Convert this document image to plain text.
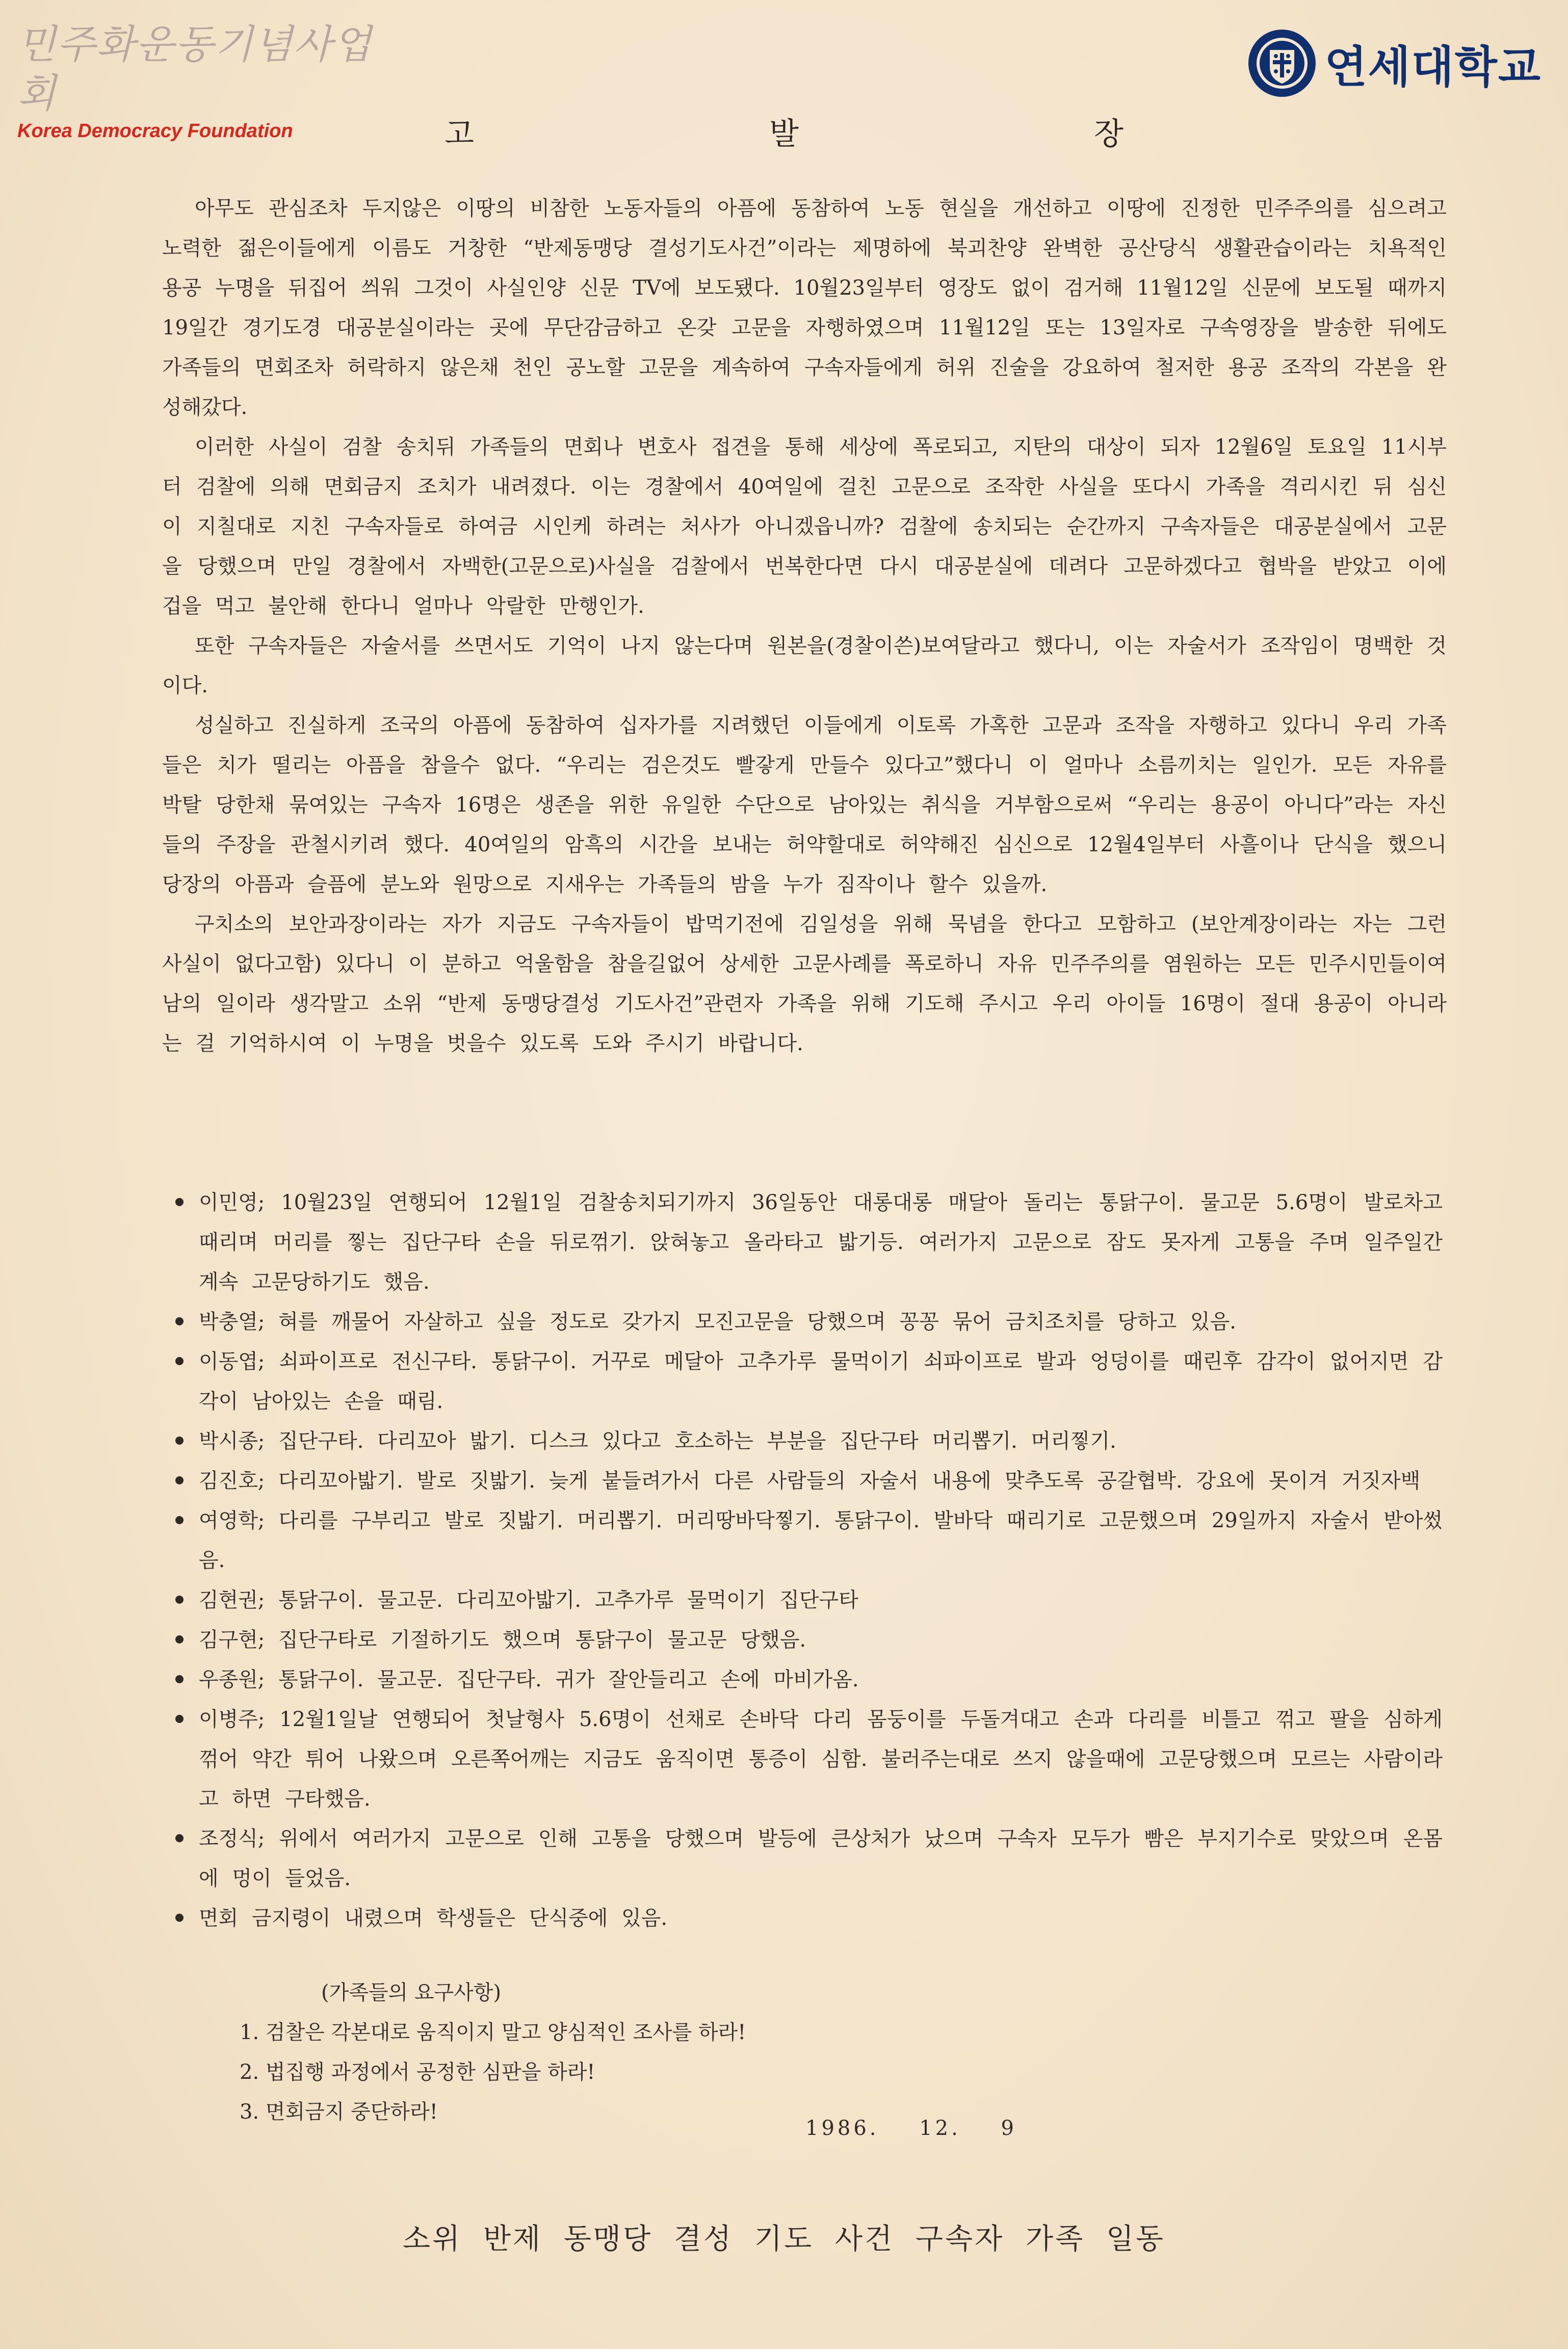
민주화운동기념사업회
Korea Democracy Foundation
연세대학교
고 발 장

아무도 관심조차 두지않은 이땅의 비참한 노동자들의 아픔에 동참하여 노동 현실을 개선하고 이땅에 진정한 민주주의를 심으려고 노력한 젊은이들에게 이름도 거창한 “반제동맹당 결성기도사건”이라는 제명하에 북괴찬양 완벽한 공산당식 생활관습이라는 치욕적인 용공 누명을 뒤집어 씌워 그것이 사실인양 신문 TV에 보도됐다. 10월23일부터 영장도 없이 검거해 11월12일 신문에 보도될 때까지 19일간 경기도경 대공분실이라는 곳에 무단감금하고 온갖 고문을 자행하였으며 11월12일 또는 13일자로 구속영장을 발송한 뒤에도 가족들의 면회조차 허락하지 않은채 천인 공노할 고문을 계속하여 구속자들에게 허위 진술을 강요하여 철저한 용공 조작의 각본을 완성해갔다.

이러한 사실이 검찰 송치뒤 가족들의 면회나 변호사 접견을 통해 세상에 폭로되고, 지탄의 대상이 되자 12월6일 토요일 11시부터 검찰에 의해 면회금지 조치가 내려졌다. 이는 경찰에서 40여일에 걸친 고문으로 조작한 사실을 또다시 가족을 격리시킨 뒤 심신이 지칠대로 지친 구속자들로 하여금 시인케 하려는 처사가 아니겠읍니까? 검찰에 송치되는 순간까지 구속자들은 대공분실에서 고문을 당했으며 만일 경찰에서 자백한(고문으로)사실을 검찰에서 번복한다면 다시 대공분실에 데려다 고문하겠다고 협박을 받았고 이에 겁을 먹고 불안해 한다니 얼마나 악랄한 만행인가.

또한 구속자들은 자술서를 쓰면서도 기억이 나지 않는다며 원본을(경찰이쓴)보여달라고 했다니, 이는 자술서가 조작임이 명백한 것이다.

성실하고 진실하게 조국의 아픔에 동참하여 십자가를 지려했던 이들에게 이토록 가혹한 고문과 조작을 자행하고 있다니 우리 가족들은 치가 떨리는 아픔을 참을수 없다. “우리는 검은것도 빨갛게 만들수 있다고”했다니 이 얼마나 소름끼치는 일인가. 모든 자유를 박탈 당한채 묶여있는 구속자 16명은 생존을 위한 유일한 수단으로 남아있는 취식을 거부함으로써 “우리는 용공이 아니다”라는 자신들의 주장을 관철시키려 했다. 40여일의 암흑의 시간을 보내는 허약할대로 허약해진 심신으로 12월4일부터 사흘이나 단식을 했으니 당장의 아픔과 슬픔에 분노와 원망으로 지새우는 가족들의 밤을 누가 짐작이나 할수 있을까.

구치소의 보안과장이라는 자가 지금도 구속자들이 밥먹기전에 김일성을 위해 묵념을 한다고 모함하고 (보안계장이라는 자는 그런 사실이 없다고함) 있다니 이 분하고 억울함을 참을길없어 상세한 고문사례를 폭로하니 자유 민주주의를 염원하는 모든 민주시민들이여 남의 일이라 생각말고 소위 “반제 동맹당결성 기도사건”관련자 가족을 위해 기도해 주시고 우리 아이들 16명이 절대 용공이 아니라는 걸 기억하시여 이 누명을 벗을수 있도록 도와 주시기 바랍니다.

이민영; 10월23일 연행되어 12월1일 검찰송치되기까지 36일동안 대롱대롱 매달아 돌리는 통닭구이. 물고문 5.6명이 발로차고 때리며 머리를 찧는 집단구타 손을 뒤로꺾기. 앉혀놓고 올라타고 밟기등. 여러가지 고문으로 잠도 못자게 고통을 주며 일주일간 계속 고문당하기도 했음.
박충열; 혀를 깨물어 자살하고 싶을 정도로 갖가지 모진고문을 당했으며 꽁꽁 묶어 금치조치를 당하고 있음.
이동엽; 쇠파이프로 전신구타. 통닭구이. 거꾸로 메달아 고추가루 물먹이기 쇠파이프로 발과 엉덩이를 때린후 감각이 없어지면 감각이 남아있는 손을 때림.
박시종; 집단구타. 다리꼬아 밟기. 디스크 있다고 호소하는 부분을 집단구타 머리뽑기. 머리찧기.
김진호; 다리꼬아밟기. 발로 짓밟기. 늦게 붙들려가서 다른 사람들의 자술서 내용에 맞추도록 공갈협박. 강요에 못이겨 거짓자백
여영학; 다리를 구부리고 발로 짓밟기. 머리뽑기. 머리땅바닥찧기. 통닭구이. 발바닥 때리기로 고문했으며 29일까지 자술서 받아썼음.
김현권; 통닭구이. 물고문. 다리꼬아밟기. 고추가루 물먹이기 집단구타
김구현; 집단구타로 기절하기도 했으며 통닭구이 물고문 당했음.
우종원; 통닭구이. 물고문. 집단구타. 귀가 잘안들리고 손에 마비가옴.
이병주; 12월1일날 연행되어 첫날형사 5.6명이 선채로 손바닥 다리 몸둥이를 두돌겨대고 손과 다리를 비틀고 꺾고 팔을 심하게 꺾어 약간 튀어 나왔으며 오른쪽어깨는 지금도 움직이면 통증이 심함. 불러주는대로 쓰지 않을때에 고문당했으며 모르는 사람이라고 하면 구타했음.
조정식; 위에서 여러가지 고문으로 인해 고통을 당했으며 발등에 큰상처가 났으며 구속자 모두가 빰은 부지기수로 맞았으며 온몸에 멍이 들었음.
면회 금지령이 내렸으며 학생들은 단식중에 있음.
(가족들의 요구사항)
1. 검찰은 각본대로 움직이지 말고 양심적인 조사를 하라!
2. 법집행 과정에서 공정한 심판을 하라!
3. 면회금지 중단하라!
1986. 12. 9
소위 반제 동맹당 결성 기도 사건 구속자 가족 일동
